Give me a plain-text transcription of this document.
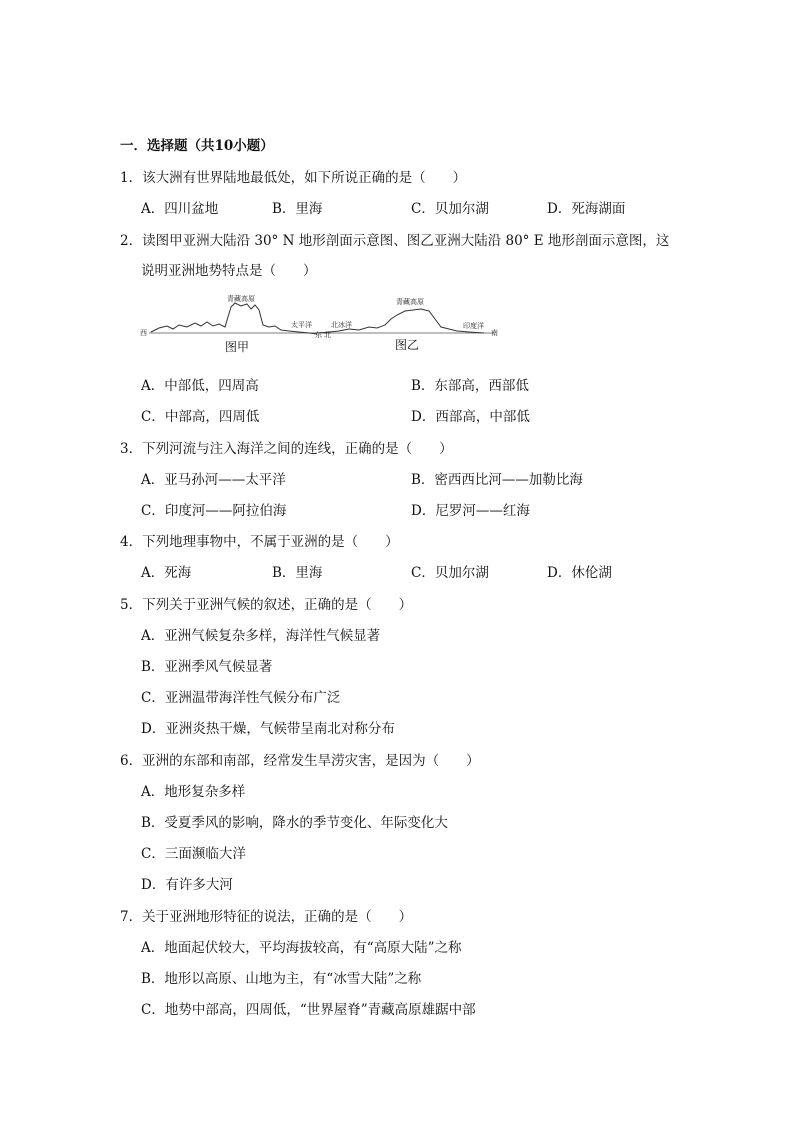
一．选择题（共10小题）
1．该大洲有世界陆地最低处，如下所说正确的是（　　）
A．四川盆地	B．里海	C．贝加尔湖	D．死海湖面
2．读图甲亚洲大陆沿 30° N 地形剖面示意图、图乙亚洲大陆沿 80° E 地形剖面示意图，这
说明亚洲地势特点是（　　）
青藏高原	青藏高原
太平洋	北冰洋	印度洋
西	东 北	南
图甲	图乙
A．中部低，四周高	B．东部高，西部低
C．中部高，四周低	D．西部高，中部低
3．下列河流与注入海洋之间的连线，正确的是（　　）
A．亚马孙河——太平洋	B．密西西比河——加勒比海
C．印度河——阿拉伯海	D．尼罗河——红海
4．下列地理事物中，不属于亚洲的是（　　）
A．死海	B．里海	C．贝加尔湖	D．休伦湖
5．下列关于亚洲气候的叙述，正确的是（　　）
A．亚洲气候复杂多样，海洋性气候显著
B．亚洲季风气候显著
C．亚洲温带海洋性气候分布广泛
D．亚洲炎热干燥，气候带呈南北对称分布
6．亚洲的东部和南部，经常发生旱涝灾害，是因为（　　）
A．地形复杂多样
B．受夏季风的影响，降水的季节变化、年际变化大
C．三面濒临大洋
D．有许多大河
7．关于亚洲地形特征的说法，正确的是（　　）
A．地面起伏较大，平均海拔较高，有“高原大陆”之称
B．地形以高原、山地为主，有“冰雪大陆”之称
C．地势中部高，四周低，“世界屋脊”青藏高原雄踞中部
